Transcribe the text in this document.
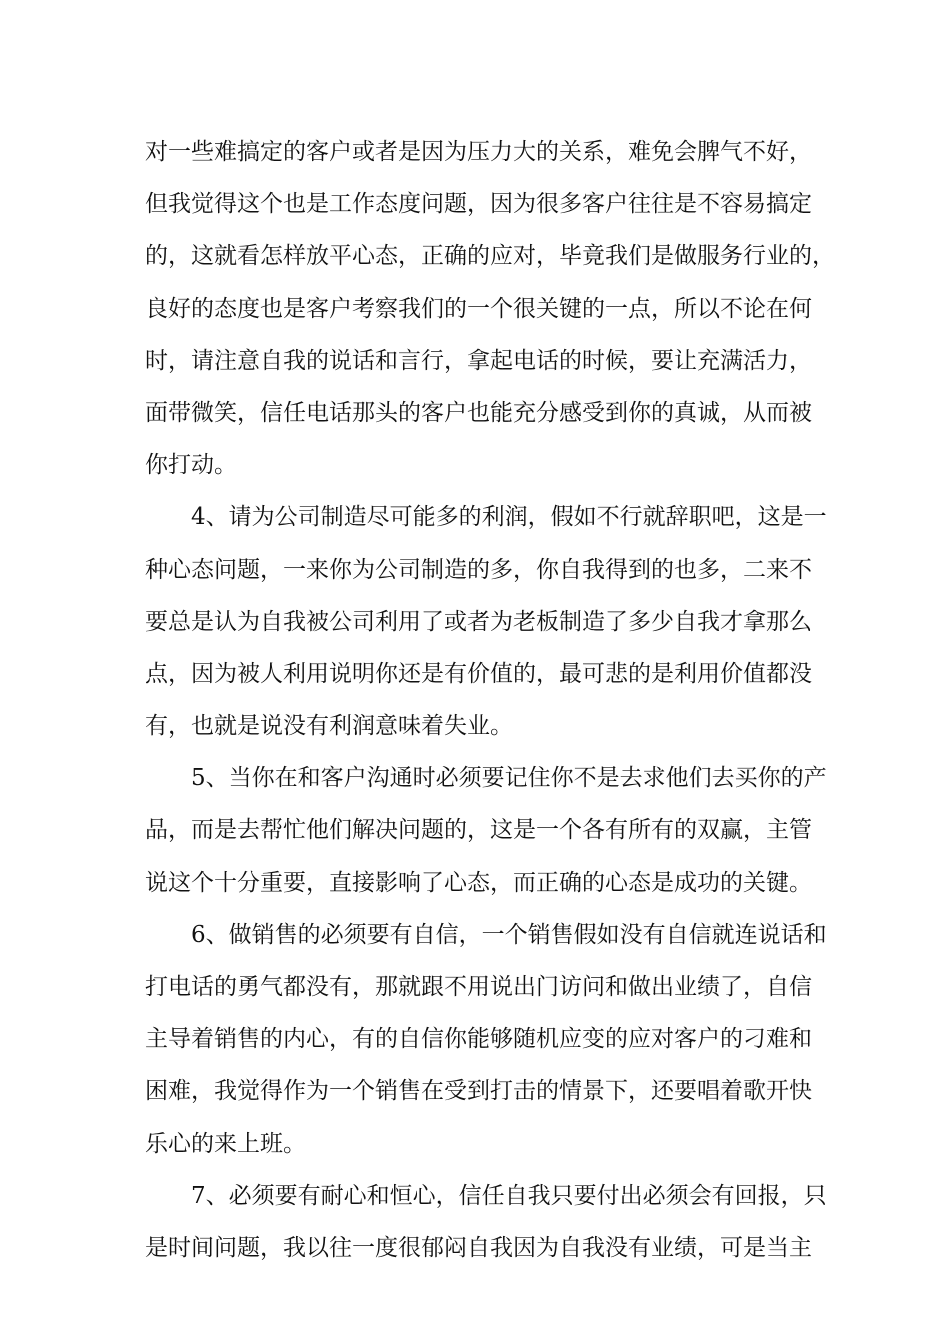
对一些难搞定的客户或者是因为压力大的关系，难免会脾气不好，
但我觉得这个也是工作态度问题，因为很多客户往往是不容易搞定
的，这就看怎样放平心态，正确的应对，毕竟我们是做服务行业的，
良好的态度也是客户考察我们的一个很关键的一点，所以不论在何
时，请注意自我的说话和言行，拿起电话的时候，要让充满活力，
面带微笑，信任电话那头的客户也能充分感受到你的真诚，从而被
你打动。
4、请为公司制造尽可能多的利润，假如不行就辞职吧，这是一
种心态问题，一来你为公司制造的多，你自我得到的也多，二来不
要总是认为自我被公司利用了或者为老板制造了多少自我才拿那么
点，因为被人利用说明你还是有价值的，最可悲的是利用价值都没
有，也就是说没有利润意味着失业。
5、当你在和客户沟通时必须要记住你不是去求他们去买你的产
品，而是去帮忙他们解决问题的，这是一个各有所有的双赢，主管
说这个十分重要，直接影响了心态，而正确的心态是成功的关键。
6、做销售的必须要有自信，一个销售假如没有自信就连说话和
打电话的勇气都没有，那就跟不用说出门访问和做出业绩了，自信
主导着销售的内心，有的自信你能够随机应变的应对客户的刁难和
困难，我觉得作为一个销售在受到打击的情景下，还要唱着歌开快
乐心的来上班。
7、必须要有耐心和恒心，信任自我只要付出必须会有回报，只
是时间问题，我以往一度很郁闷自我因为自我没有业绩，可是当主
